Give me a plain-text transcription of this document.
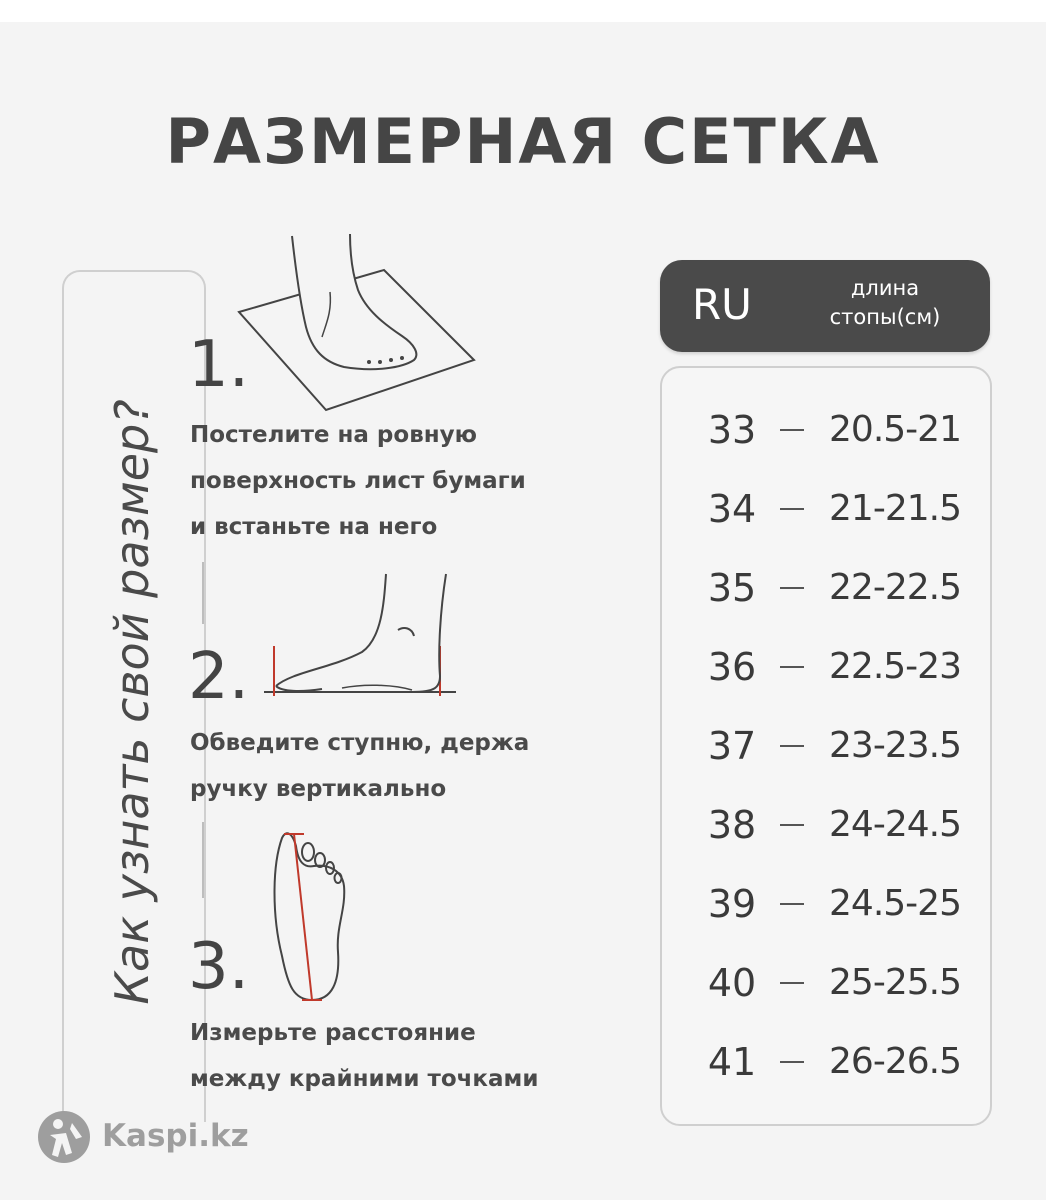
РАЗМЕРНАЯ СЕТКА
Как узнать свой размер?
1.
Постелите на ровную
поверхность лист бумаги
и встаньте на него
2.
Обведите ступню, держа
ручку вертикально
3.
Измерьте расстояние
между крайними точками
RU	длина
стопы(см)
33	20.5-21
34	21-21.5
35	22-22.5
36	22.5-23
37	23-23.5
38	24-24.5
39	24.5-25
40	25-25.5
41	26-26.5
Kaspi.kz
